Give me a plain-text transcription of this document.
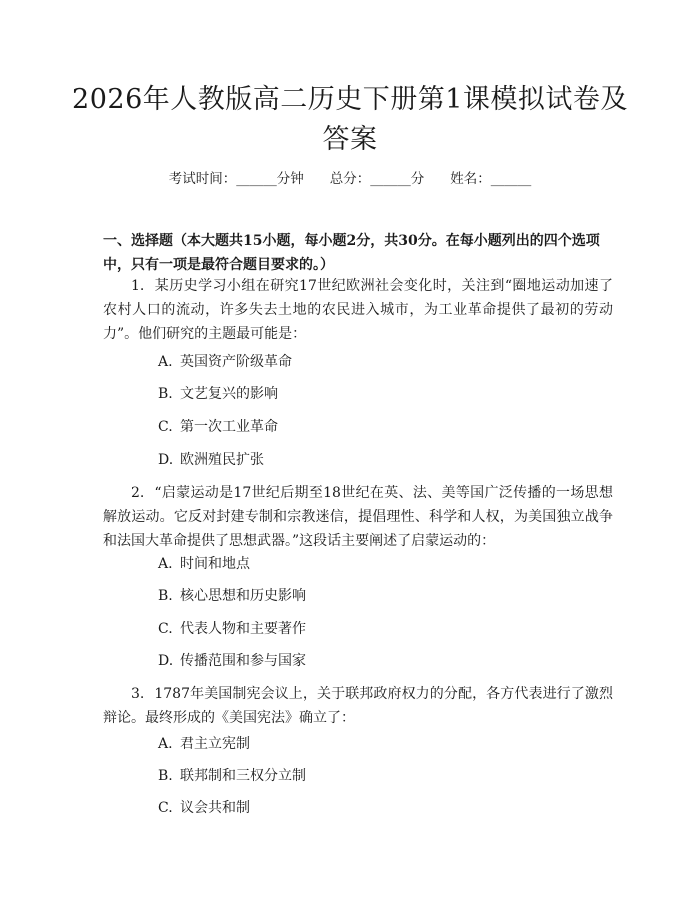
2026年人教版高二历史下册第1课模拟试卷及答案
考试时间：______分钟 总分：______分 姓名：______

一、选择题（本大题共15小题，每小题2分，共30分。在每小题列出的四个选项中，只有一项是最符合题目要求的。）

1. 某历史学习小组在研究17世纪欧洲社会变化时，关注到“圈地运动加速了农村人口的流动，许多失去土地的农民进入城市，为工业革命提供了最初的劳动力”。他们研究的主题最可能是：

A. 英国资产阶级革命
B. 文艺复兴的影响
C. 第一次工业革命
D. 欧洲殖民扩张

2. “启蒙运动是17世纪后期至18世纪在英、法、美等国广泛传播的一场思想解放运动。它反对封建专制和宗教迷信，提倡理性、科学和人权，为美国独立战争和法国大革命提供了思想武器。”这段话主要阐述了启蒙运动的：

A. 时间和地点
B. 核心思想和历史影响
C. 代表人物和主要著作
D. 传播范围和参与国家

3. 1787年美国制宪会议上，关于联邦政府权力的分配，各方代表进行了激烈辩论。最终形成的《美国宪法》确立了：

A. 君主立宪制
B. 联邦制和三权分立制
C. 议会共和制
